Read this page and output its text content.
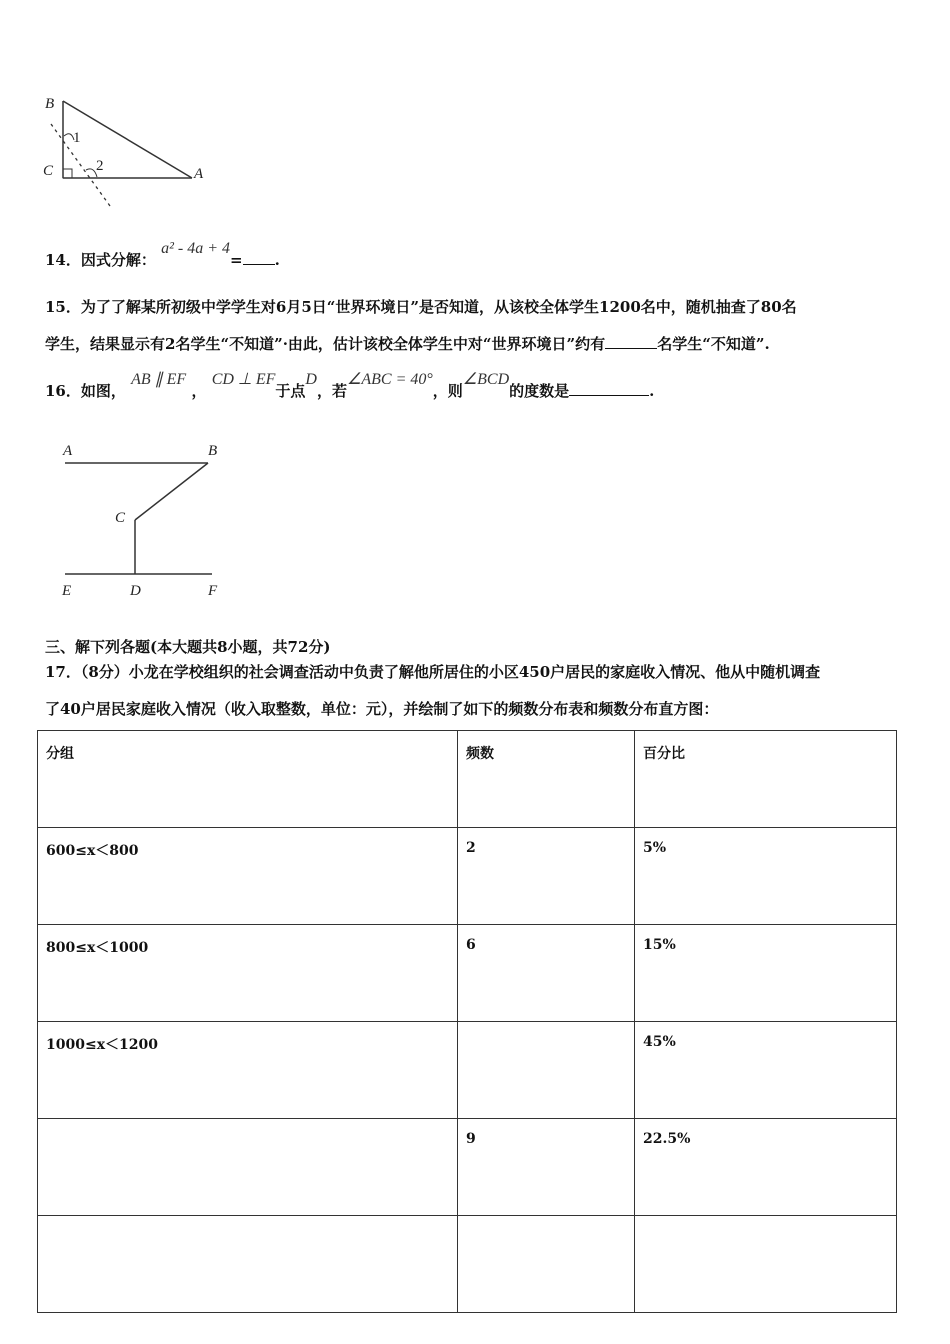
B
C	A
1
2
14．因式分解： a² - 4a + 4= .
15．为了了解某所初级中学学生对6月5日“世界环境日”是否知道，从该校全体学生1200名中，随机抽查了80名
学生，结果显示有2名学生“不知道”·由此，估计该校全体学生中对“世界环境日”约有	名学生“不知道”.
16．如图， AB ∥ EF ， CD ⊥ EF于点D，若∠ABC = 40°，则∠BCD的度数是	.
A	B
C
E	D	F
三、解下列各题(本大题共8小题，共72分)
17．（8分）小龙在学校组织的社会调查活动中负责了解他所居住的小区450户居民的家庭收入情况、他从中随机调查
了40户居民家庭收入情况（收入取整数，单位：元），并绘制了如下的频数分布表和频数分布直方图：
分组	频数	百分比
600≤x＜800	2	5%
800≤x＜1000	6	15%
1000≤x＜1200		45%
	9	22.5%
